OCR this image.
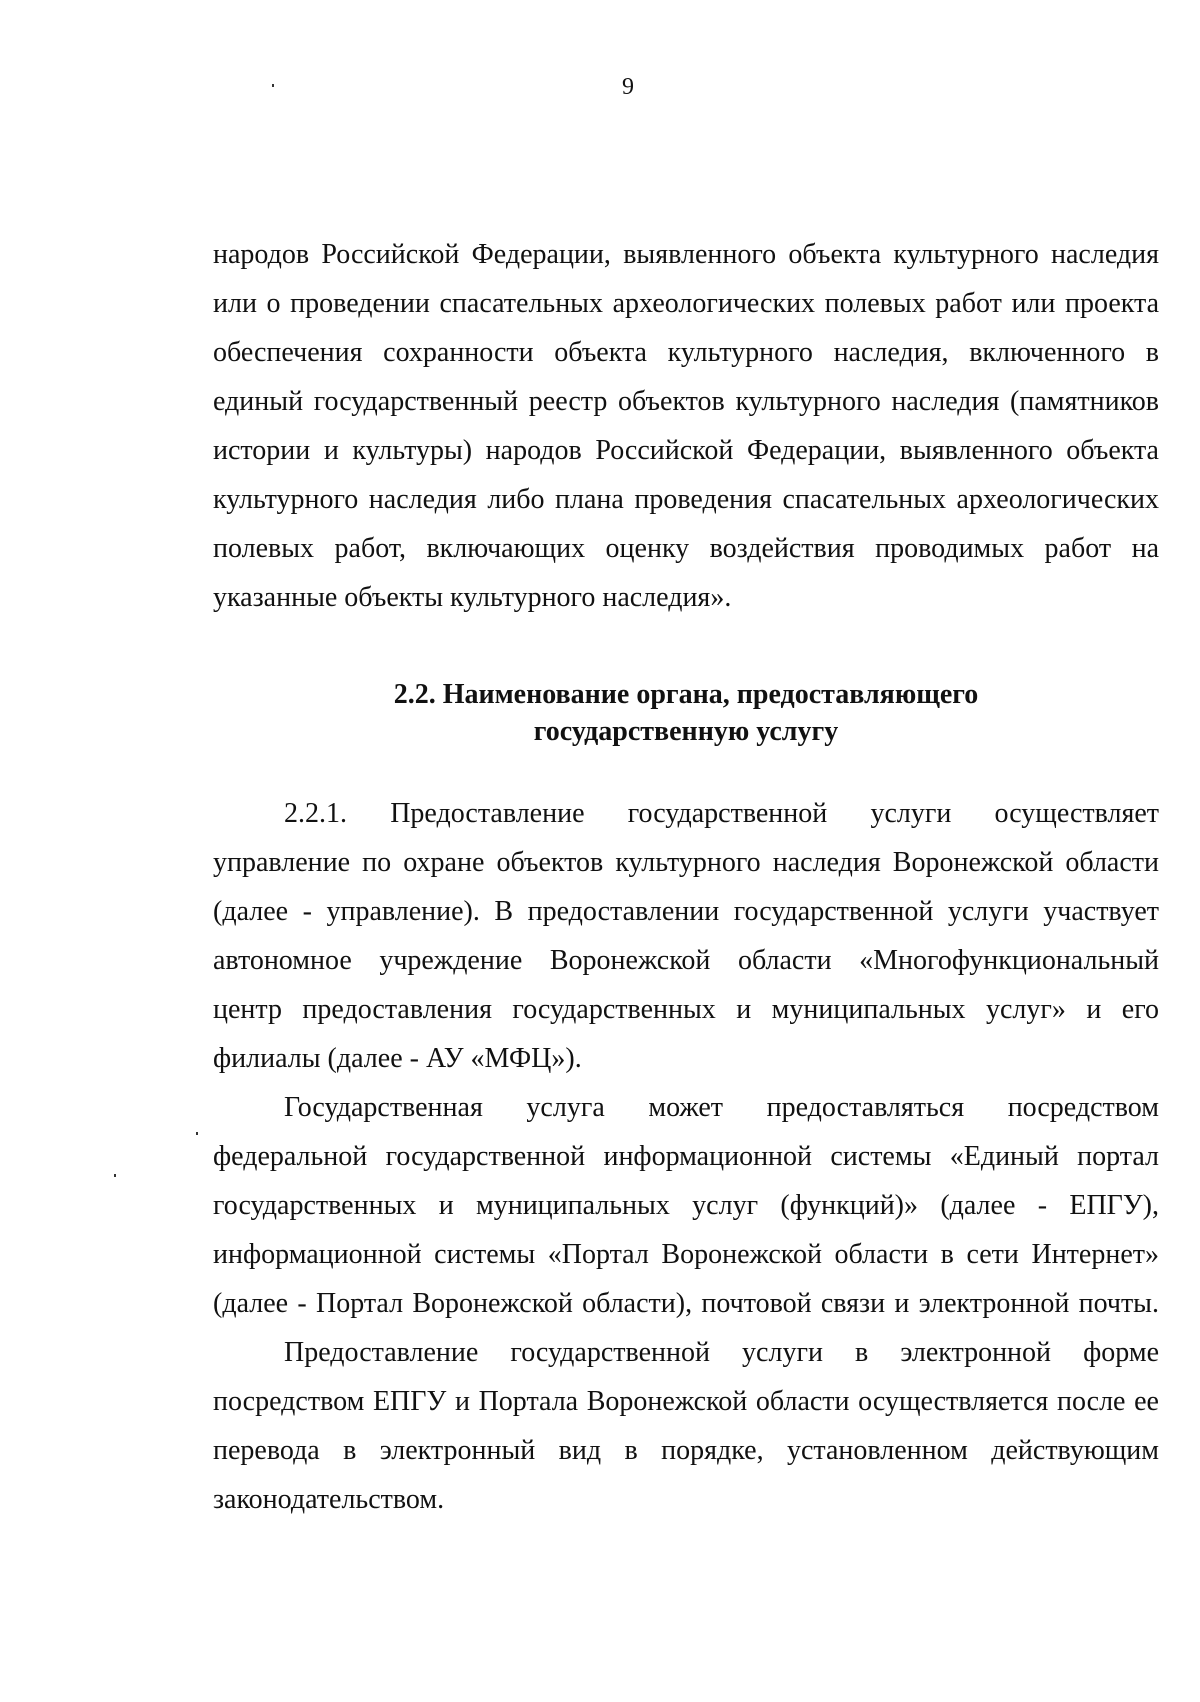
9
народов Российской Федерации, выявленного объекта культурного наследия
или о проведении спасательных археологических полевых работ или проекта
обеспечения сохранности объекта культурного наследия, включенного в
единый государственный реестр объектов культурного наследия (памятников
истории и культуры) народов Российской Федерации, выявленного объекта
культурного наследия либо плана проведения спасательных археологических
полевых работ, включающих оценку воздействия проводимых работ на
указанные объекты культурного наследия».
2.2. Наименование органа, предоставляющего
государственную услугу
2.2.1. Предоставление государственной услуги осуществляет
управление по охране объектов культурного наследия Воронежской области
(далее - управление). В предоставлении государственной услуги участвует
автономное учреждение Воронежской области «Многофункциональный
центр предоставления государственных и муниципальных услуг» и его
филиалы (далее - АУ «МФЦ»).
Государственная услуга может предоставляться посредством
федеральной государственной информационной системы «Единый портал
государственных и муниципальных услуг (функций)» (далее - ЕПГУ),
информационной системы «Портал Воронежской области в сети Интернет»
(далее - Портал Воронежской области), почтовой связи и электронной почты.
Предоставление государственной услуги в электронной форме
посредством ЕПГУ и Портала Воронежской области осуществляется после ее
перевода в электронный вид в порядке, установленном действующим
законодательством.
